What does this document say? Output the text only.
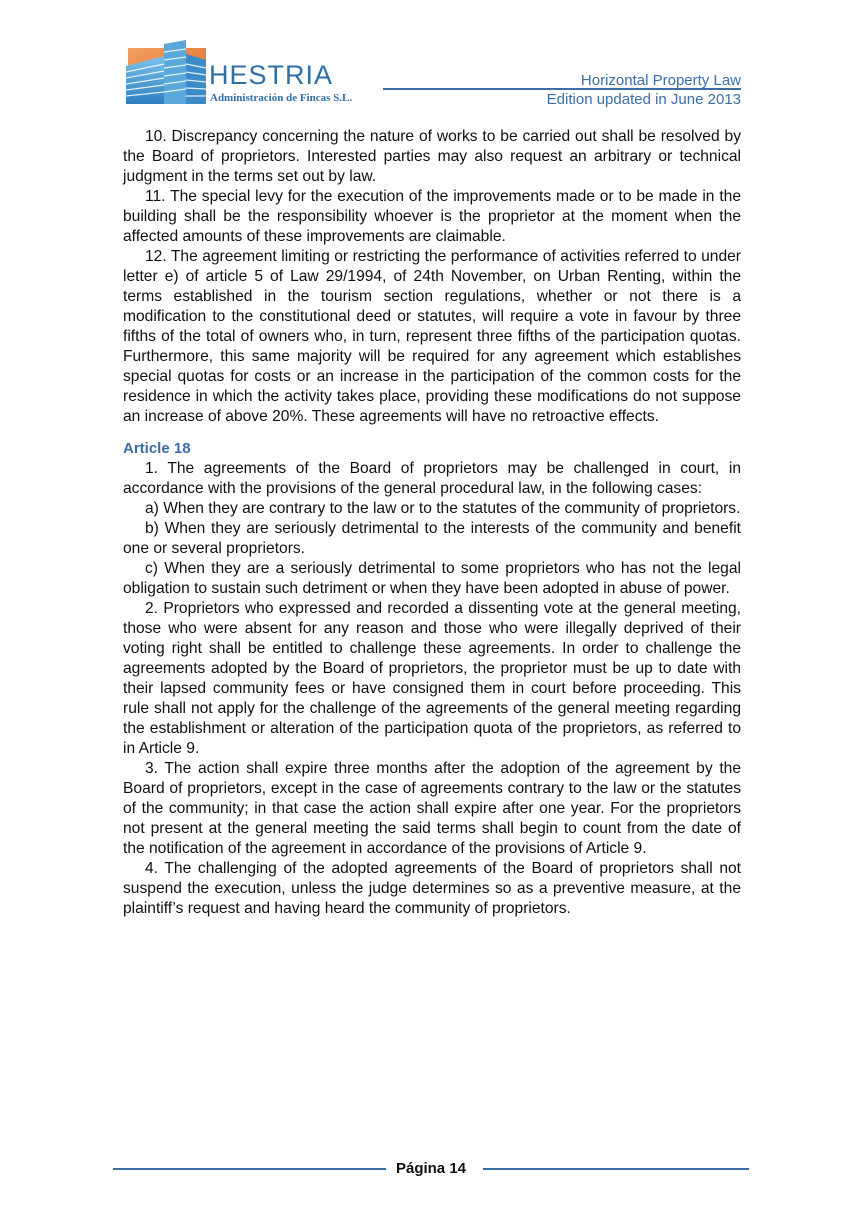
HESTRIA
Administración de Fincas S.L.
Horizontal Property Law
Edition updated in June 2013

10. Discrepancy concerning the nature of works to be carried out shall be resolved by the Board of proprietors. Interested parties may also request an arbitrary or technical judgment in the terms set out by law.

11. The special levy for the execution of the improvements made or to be made in the building shall be the responsibility whoever is the proprietor at the moment when the affected amounts of these improvements are claimable.

12. The agreement limiting or restricting the performance of activities referred to under letter e) of article 5 of Law 29/1994, of 24th November, on Urban Renting, within the terms established in the tourism section regulations, whether or not there is a modification to the constitutional deed or statutes, will require a vote in favour by three fifths of the total of owners who, in turn, represent three fifths of the participation quotas. Furthermore, this same majority will be required for any agreement which establishes special quotas for costs or an increase in the participation of the common costs for the residence in which the activity takes place, providing these modifications do not suppose an increase of above 20%. These agreements will have no retroactive effects.

Article 18

1. The agreements of the Board of proprietors may be challenged in court, in accordance with the provisions of the general procedural law, in the following cases:

a) When they are contrary to the law or to the statutes of the community of proprietors.

b) When they are seriously detrimental to the interests of the community and benefit one or several proprietors.

c) When they are a seriously detrimental to some proprietors who has not the legal obligation to sustain such detriment or when they have been adopted in abuse of power.

2. Proprietors who expressed and recorded a dissenting vote at the general meeting, those who were absent for any reason and those who were illegally deprived of their voting right shall be entitled to challenge these agreements. In order to challenge the agreements adopted by the Board of proprietors, the proprietor must be up to date with their lapsed community fees or have consigned them in court before proceeding. This rule shall not apply for the challenge of the agreements of the general meeting regarding the establishment or alteration of the participation quota of the proprietors, as referred to in Article 9.

3. The action shall expire three months after the adoption of the agreement by the Board of proprietors, except in the case of agreements contrary to the law or the statutes of the community; in that case the action shall expire after one year. For the proprietors not present at the general meeting the said terms shall begin to count from the date of the notification of the agreement in accordance of the provisions of Article 9.

4. The challenging of the adopted agreements of the Board of proprietors shall not suspend the execution, unless the judge determines so as a preventive measure, at the plaintiff’s request and having heard the community of proprietors.

Página 14
